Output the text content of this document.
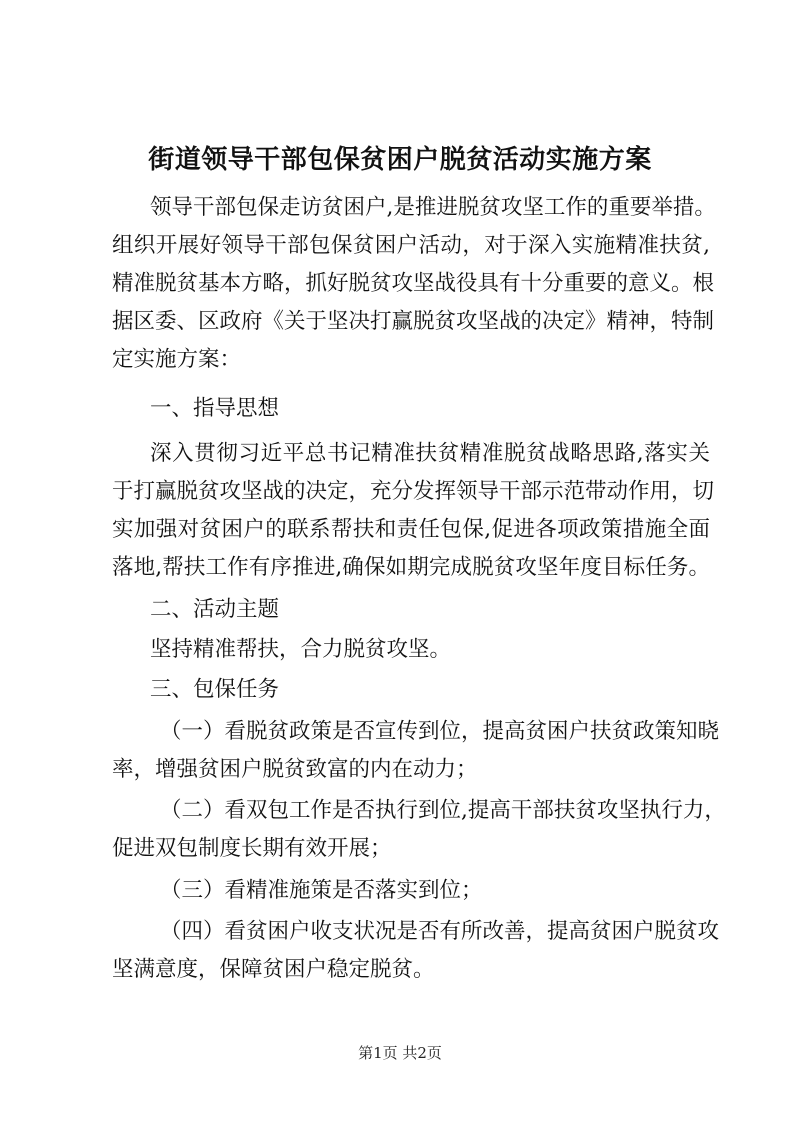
街道领导干部包保贫困户脱贫活动实施方案
领导干部包保走访贫困户,是推进脱贫攻坚工作的重要举措。
组织开展好领导干部包保贫困户活动，对于深入实施精准扶贫,
精准脱贫基本方略，抓好脱贫攻坚战役具有十分重要的意义。根
据区委、区政府《关于坚决打赢脱贫攻坚战的决定》精神，特制
定实施方案：
一、指导思想
深入贯彻习近平总书记精准扶贫精准脱贫战略思路,落实关
于打赢脱贫攻坚战的决定，充分发挥领导干部示范带动作用，切
实加强对贫困户的联系帮扶和责任包保,促进各项政策措施全面
落地,帮扶工作有序推进,确保如期完成脱贫攻坚年度目标任务。
二、活动主题
坚持精准帮扶，合力脱贫攻坚。
三、包保任务
（一）看脱贫政策是否宣传到位，提高贫困户扶贫政策知晓
率，增强贫困户脱贫致富的内在动力；
（二）看双包工作是否执行到位,提高干部扶贫攻坚执行力，
促进双包制度长期有效开展；
（三）看精准施策是否落实到位；
（四）看贫困户收支状况是否有所改善，提高贫困户脱贫攻
坚满意度，保障贫困户稳定脱贫。
第1页 共2页
